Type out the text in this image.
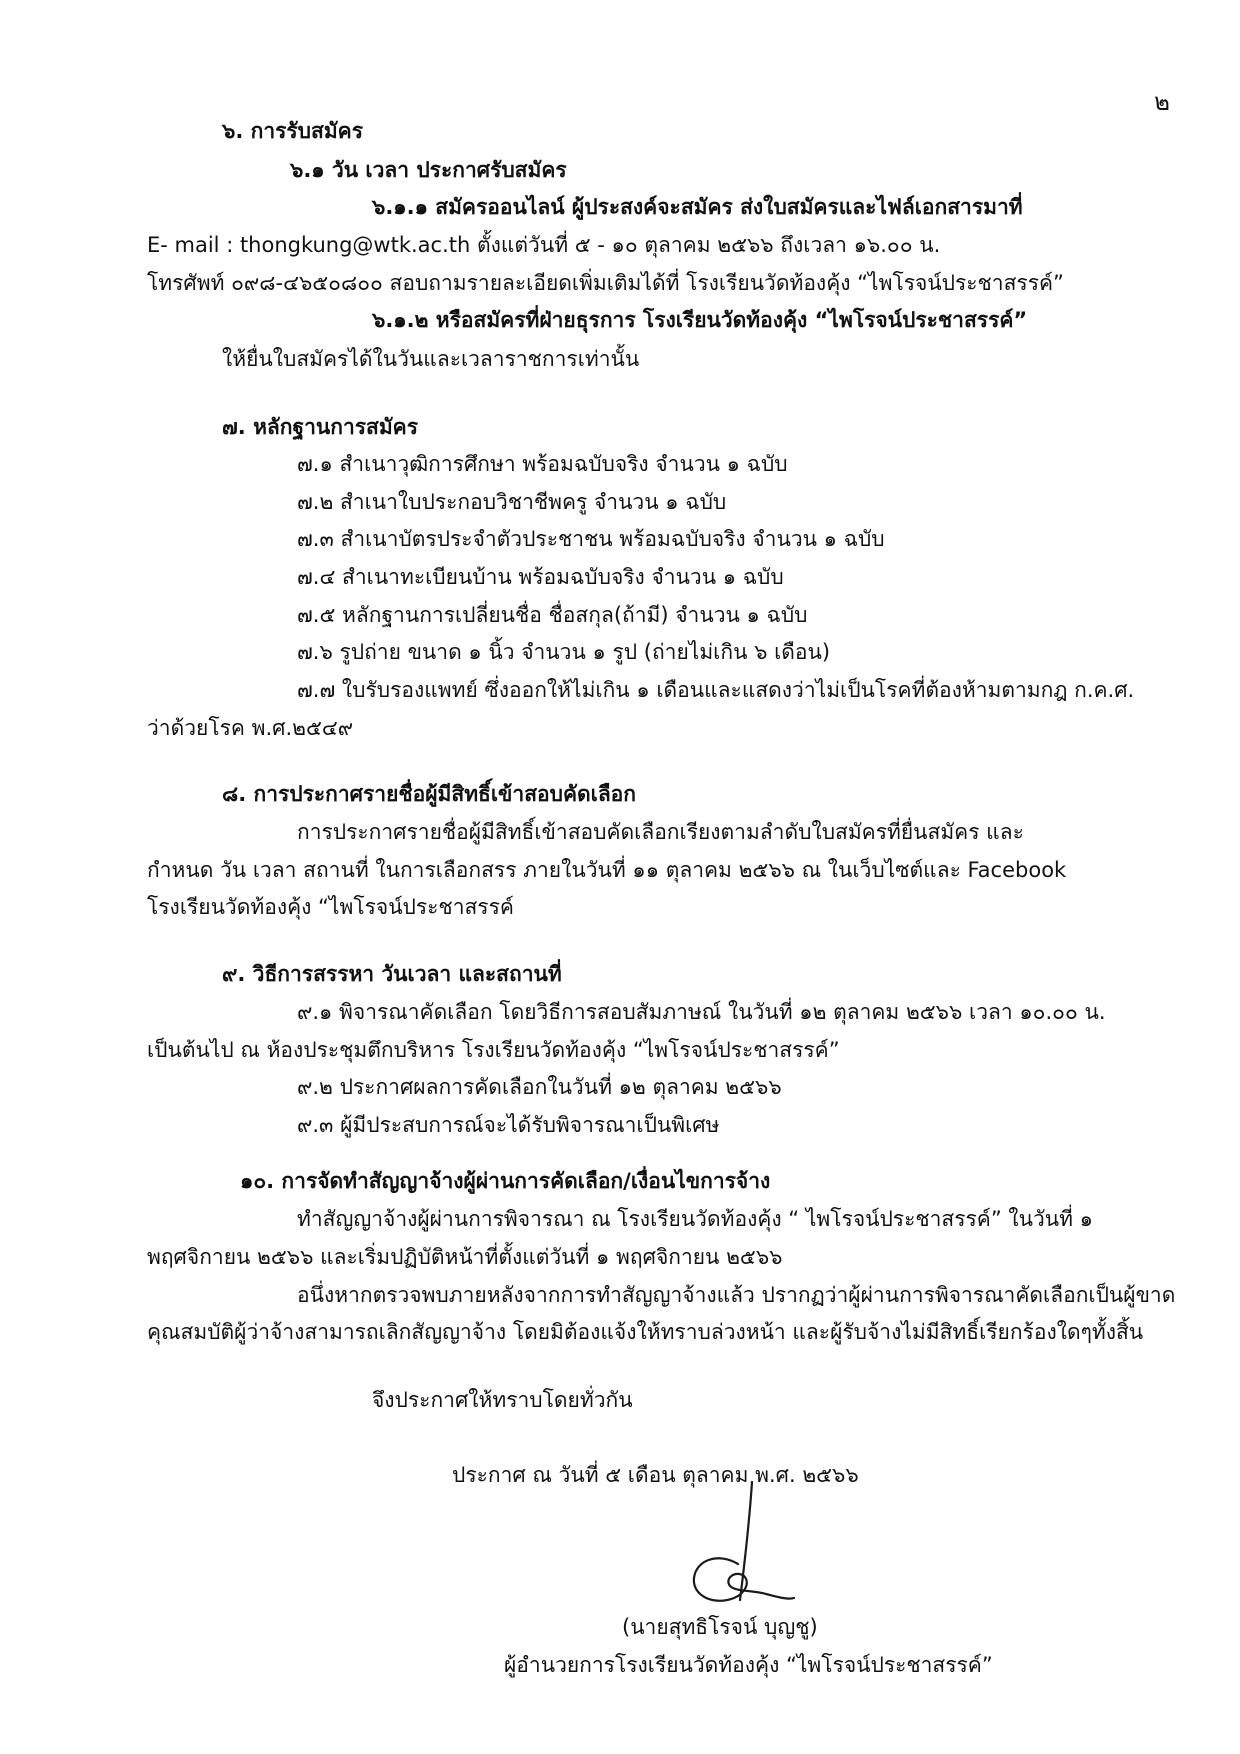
๒
๖. การรับสมัคร
๖.๑ วัน เวลา ประกาศรับสมัคร
๖.๑.๑ สมัครออนไลน์ ผู้ประสงค์จะสมัคร ส่งใบสมัครและไฟล์เอกสารมาที่
E- mail : thongkung@wtk.ac.th ตั้งแต่วันที่ ๕ - ๑๐ ตุลาคม ๒๕๖๖ ถึงเวลา ๑๖.๐๐ น.
โทรศัพท์ ๐๙๘-๔๖๕๐๘๐๐ สอบถามรายละเอียดเพิ่มเติมได้ที่ โรงเรียนวัดท้องคุ้ง “ไพโรจน์ประชาสรรค์”
๖.๑.๒ หรือสมัครที่ฝ่ายธุรการ โรงเรียนวัดท้องคุ้ง “ไพโรจน์ประชาสรรค์”
ให้ยื่นใบสมัครได้ในวันและเวลาราชการเท่านั้น
๗. หลักฐานการสมัคร
๗.๑ สำเนาวุฒิการศึกษา พร้อมฉบับจริง จำนวน ๑ ฉบับ
๗.๒ สำเนาใบประกอบวิชาชีพครู จำนวน ๑ ฉบับ
๗.๓ สำเนาบัตรประจำตัวประชาชน พร้อมฉบับจริง จำนวน ๑ ฉบับ
๗.๔ สำเนาทะเบียนบ้าน พร้อมฉบับจริง จำนวน ๑ ฉบับ
๗.๕ หลักฐานการเปลี่ยนชื่อ ชื่อสกุล(ถ้ามี) จำนวน ๑ ฉบับ
๗.๖ รูปถ่าย ขนาด ๑ นิ้ว จำนวน ๑ รูป (ถ่ายไม่เกิน ๖ เดือน)
๗.๗ ใบรับรองแพทย์ ซึ่งออกให้ไม่เกิน ๑ เดือนและแสดงว่าไม่เป็นโรคที่ต้องห้ามตามกฎ ก.ค.ศ.
ว่าด้วยโรค พ.ศ.๒๕๔๙
๘. การประกาศรายชื่อผู้มีสิทธิ์เข้าสอบคัดเลือก
การประกาศรายชื่อผู้มีสิทธิ์เข้าสอบคัดเลือกเรียงตามลำดับใบสมัครที่ยื่นสมัคร และ
กำหนด วัน เวลา สถานที่ ในการเลือกสรร ภายในวันที่ ๑๑ ตุลาคม ๒๕๖๖ ณ ในเว็บไซต์และ Facebook
โรงเรียนวัดท้องคุ้ง “ไพโรจน์ประชาสรรค์
๙. วิธีการสรรหา วันเวลา และสถานที่
๙.๑ พิจารณาคัดเลือก โดยวิธีการสอบสัมภาษณ์ ในวันที่ ๑๒ ตุลาคม ๒๕๖๖ เวลา ๑๐.๐๐ น.
เป็นต้นไป ณ ห้องประชุมตึกบริหาร โรงเรียนวัดท้องคุ้ง “ไพโรจน์ประชาสรรค์”
๙.๒ ประกาศผลการคัดเลือกในวันที่ ๑๒ ตุลาคม ๒๕๖๖
๙.๓ ผู้มีประสบการณ์จะได้รับพิจารณาเป็นพิเศษ
๑๐. การจัดทำสัญญาจ้างผู้ผ่านการคัดเลือก/เงื่อนไขการจ้าง
ทำสัญญาจ้างผู้ผ่านการพิจารณา ณ โรงเรียนวัดท้องคุ้ง “ ไพโรจน์ประชาสรรค์” ในวันที่ ๑
พฤศจิกายน ๒๕๖๖ และเริ่มปฏิบัติหน้าที่ตั้งแต่วันที่ ๑ พฤศจิกายน ๒๕๖๖
อนึ่งหากตรวจพบภายหลังจากการทำสัญญาจ้างแล้ว ปรากฏว่าผู้ผ่านการพิจารณาคัดเลือกเป็นผู้ขาด
คุณสมบัติผู้ว่าจ้างสามารถเลิกสัญญาจ้าง โดยมิต้องแจ้งให้ทราบล่วงหน้า และผู้รับจ้างไม่มีสิทธิ์เรียกร้องใดๆทั้งสิ้น
จึงประกาศให้ทราบโดยทั่วกัน
ประกาศ ณ วันที่ ๕ เดือน ตุลาคม พ.ศ. ๒๕๖๖
(นายสุทธิโรจน์ บุญชู)
ผู้อำนวยการโรงเรียนวัดท้องคุ้ง “ไพโรจน์ประชาสรรค์”
